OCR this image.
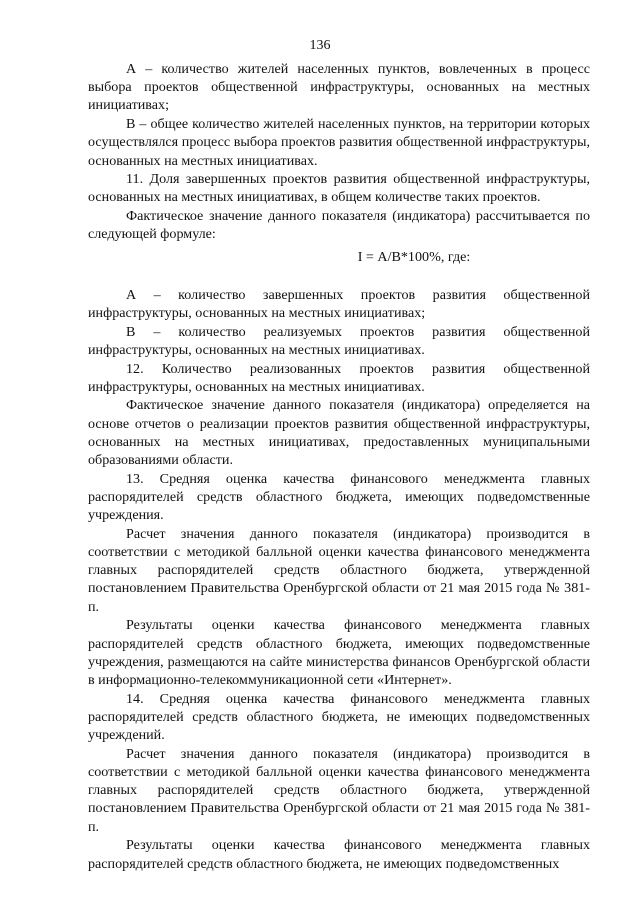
136

А – количество жителей населенных пунктов, вовлеченных в процесс выбора проектов общественной инфраструктуры, основанных на местных инициативах;

В – общее количество жителей населенных пунктов, на территории которых осуществлялся процесс выбора проектов развития общественной инфраструктуры, основанных на местных инициативах.

11. Доля завершенных проектов развития общественной инфраструктуры, основанных на местных инициативах, в общем количестве таких проектов.

Фактическое значение данного показателя (индикатора) рассчитывается по следующей формуле:

I = А/В*100%, где:

А – количество завершенных проектов развития общественной инфраструктуры, основанных на местных инициативах;

В – количество реализуемых проектов развития общественной инфраструктуры, основанных на местных инициативах.

12. Количество реализованных проектов развития общественной инфраструктуры, основанных на местных инициативах.

Фактическое значение данного показателя (индикатора) определяется на основе отчетов о реализации проектов развития общественной инфраструктуры, основанных на местных инициативах, предоставленных муниципальными образованиями области.

13. Средняя оценка качества финансового менеджмента главных распорядителей средств областного бюджета, имеющих подведомственные учреждения.

Расчет значения данного показателя (индикатора) производится в соответствии с методикой балльной оценки качества финансового менеджмента главных распорядителей средств областного бюджета, утвержденной постановлением Правительства Оренбургской области от 21 мая 2015 года № 381-п.

Результаты оценки качества финансового менеджмента главных распорядителей средств областного бюджета, имеющих подведомственные учреждения, размещаются на сайте министерства финансов Оренбургской области в информационно-телекоммуникационной сети «Интернет».

14. Средняя оценка качества финансового менеджмента главных распорядителей средств областного бюджета, не имеющих подведомственных учреждений.

Расчет значения данного показателя (индикатора) производится в соответствии с методикой балльной оценки качества финансового менеджмента главных распорядителей средств областного бюджета, утвержденной постановлением Правительства Оренбургской области от 21 мая 2015 года № 381-п.

Результаты оценки качества финансового менеджмента главных распорядителей средств областного бюджета, не имеющих подведомственных
